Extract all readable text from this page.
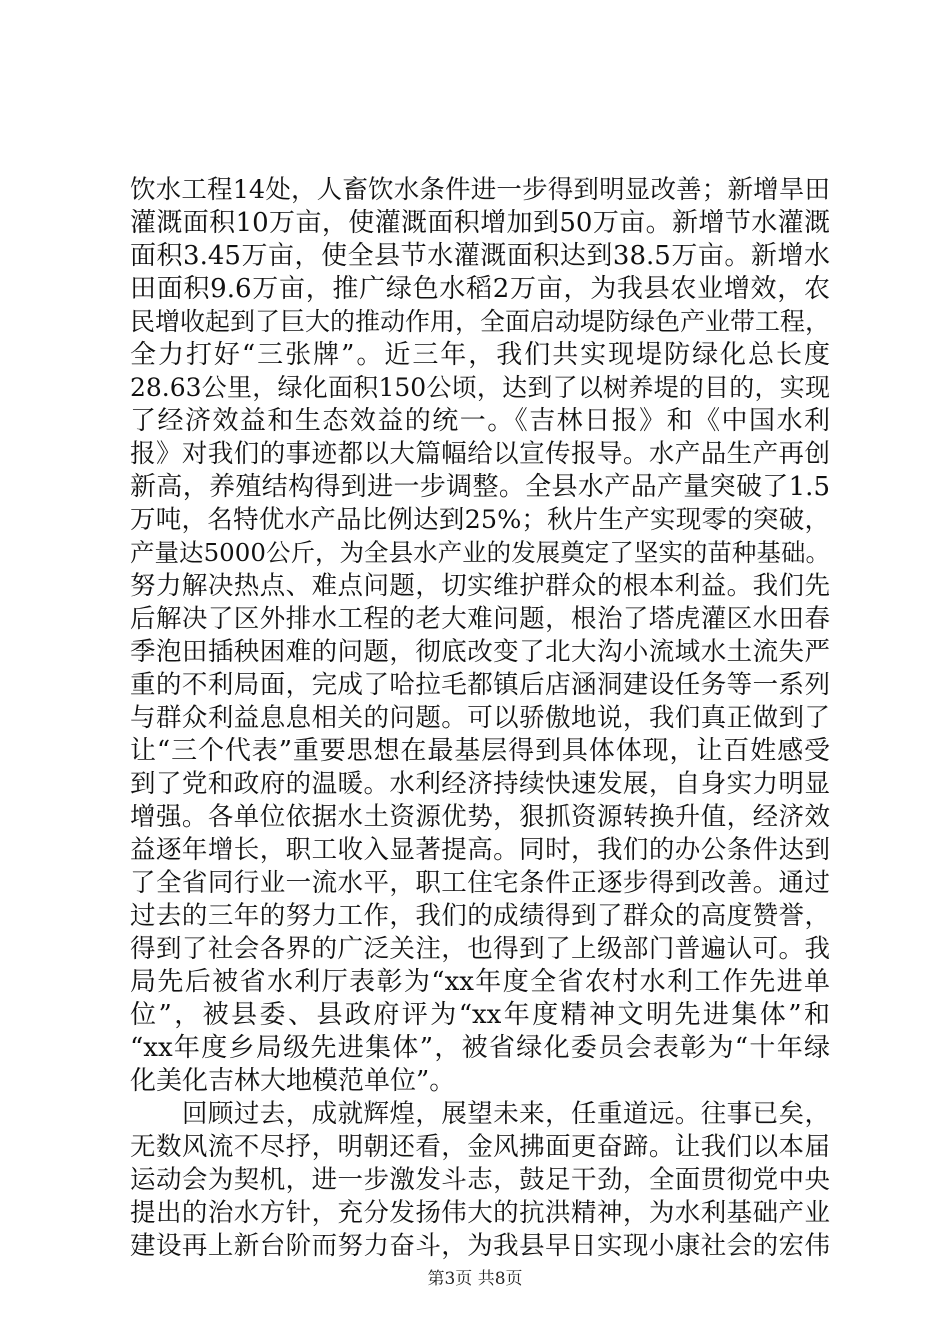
饮水工程14处，人畜饮水条件进一步得到明显改善；新增旱田
灌溉面积10万亩，使灌溉面积增加到50万亩。新增节水灌溉
面积3.45万亩，使全县节水灌溉面积达到38.5万亩。新增水
田面积9.6万亩，推广绿色水稻2万亩，为我县农业增效，农
民增收起到了巨大的推动作用，全面启动堤防绿色产业带工程，
全力打好“三张牌”。近三年，我们共实现堤防绿化总长度
28.63公里，绿化面积150公顷，达到了以树养堤的目的，实现
了经济效益和生态效益的统一。《吉林日报》和《中国水利
报》对我们的事迹都以大篇幅给以宣传报导。水产品生产再创
新高，养殖结构得到进一步调整。全县水产品产量突破了1.5
万吨，名特优水产品比例达到25%；秋片生产实现零的突破，
产量达5000公斤，为全县水产业的发展奠定了坚实的苗种基础。
努力解决热点、难点问题，切实维护群众的根本利益。我们先
后解决了区外排水工程的老大难问题，根治了塔虎灌区水田春
季泡田插秧困难的问题，彻底改变了北大沟小流域水土流失严
重的不利局面，完成了哈拉毛都镇后店涵洞建设任务等一系列
与群众利益息息相关的问题。可以骄傲地说，我们真正做到了
让“三个代表”重要思想在最基层得到具体体现，让百姓感受
到了党和政府的温暖。水利经济持续快速发展，自身实力明显
增强。各单位依据水土资源优势，狠抓资源转换升值，经济效
益逐年增长，职工收入显著提高。同时，我们的办公条件达到
了全省同行业一流水平，职工住宅条件正逐步得到改善。通过
过去的三年的努力工作，我们的成绩得到了群众的高度赞誉，
得到了社会各界的广泛关注，也得到了上级部门普遍认可。我
局先后被省水利厅表彰为“xx年度全省农村水利工作先进单
位”，被县委、县政府评为“xx年度精神文明先进集体”和
“xx年度乡局级先进集体”，被省绿化委员会表彰为“十年绿
化美化吉林大地模范单位”。
回顾过去，成就辉煌，展望未来，任重道远。往事已矣，
无数风流不尽抒，明朝还看，金风拂面更奋蹄。让我们以本届
运动会为契机，进一步激发斗志，鼓足干劲，全面贯彻党中央
提出的治水方针，充分发扬伟大的抗洪精神，为水利基础产业
建设再上新台阶而努力奋斗，为我县早日实现小康社会的宏伟
第3页 共8页
